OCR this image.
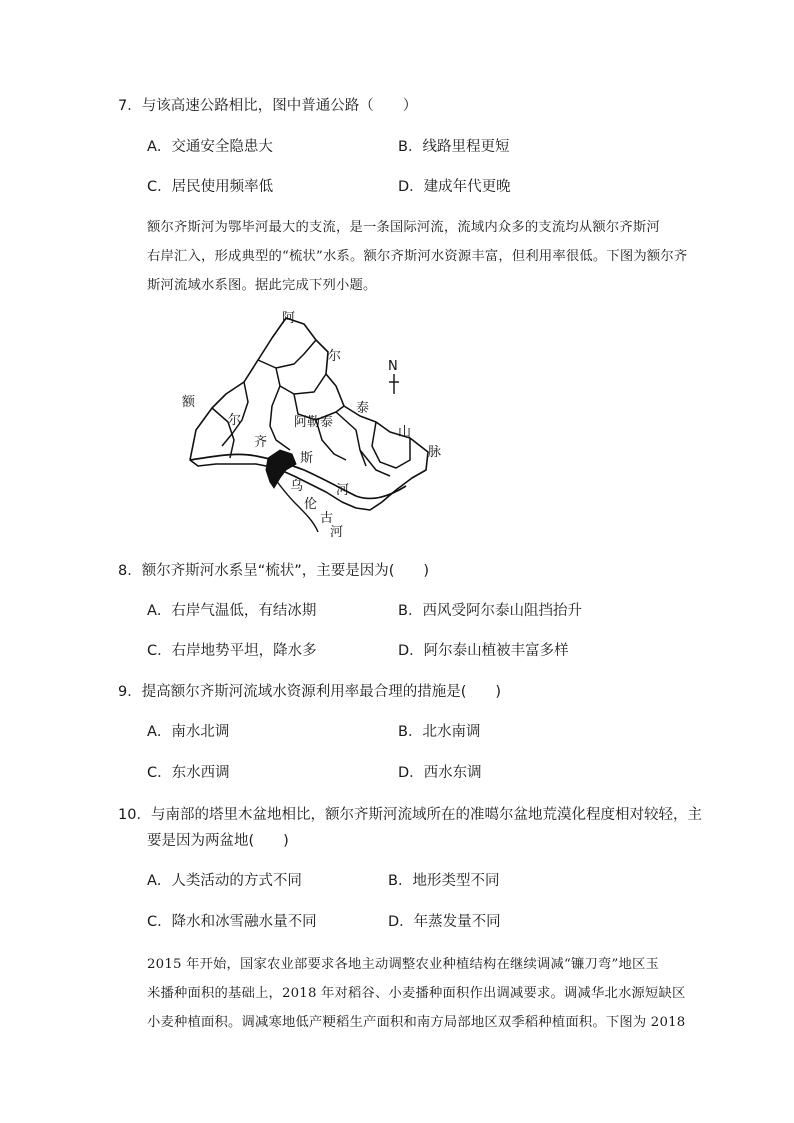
7．与该高速公路相比，图中普通公路（　　）
A．交通安全隐患大	B．线路里程更短
C．居民使用频率低	D．建成年代更晚
额尔齐斯河为鄂毕河最大的支流，是一条国际河流，流域内众多的支流均从额尔齐斯河
右岸汇入，形成典型的“梳状”水系。额尔齐斯河水资源丰富，但利用率很低。下图为额尔齐
斯河流域水系图。据此完成下列小题。
N
阿
尔
泰
山
脉
额
尔
齐
斯
河
阿勒泰
乌
伦
古
河
8．额尔齐斯河水系呈“梳状”，主要是因为(　　)
A．右岸气温低，有结冰期	B．西风受阿尔泰山阻挡抬升
C．右岸地势平坦，降水多	D．阿尔泰山植被丰富多样
9．提高额尔齐斯河流域水资源利用率最合理的措施是(　　)
A．南水北调	B．北水南调
C．东水西调	D．西水东调
10．与南部的塔里木盆地相比，额尔齐斯河流域所在的准噶尔盆地荒漠化程度相对较轻，主
要是因为两盆地(　　)
A．人类活动的方式不同	B．地形类型不同
C．降水和冰雪融水量不同	D．年蒸发量不同
2015 年开始，国家农业部要求各地主动调整农业种植结构在继续调减“镰刀弯”地区玉
米播种面积的基础上，2018 年对稻谷、小麦播种面积作出调减要求。调减华北水源短缺区
小麦种植面积。调减寒地低产粳稻生产面积和南方局部地区双季稻种植面积。下图为 2018
